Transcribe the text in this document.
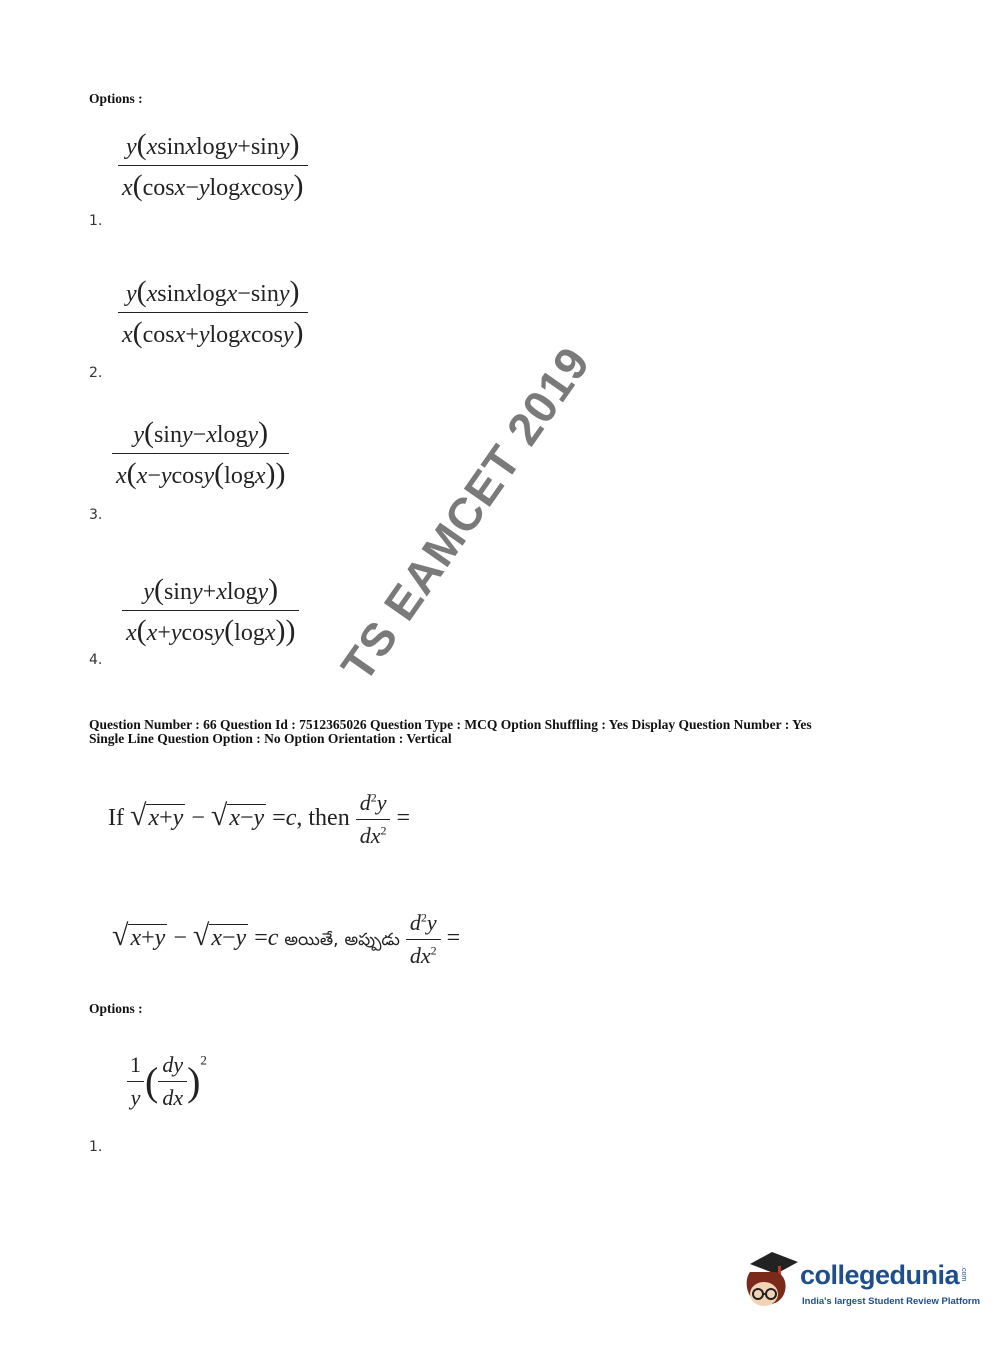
Options :
$\frac{\text{y(xsinxlogy+siny)}}{\text{x(cosx−ylogxcosy)}}$
1.
$\frac{\text{y(xsinxlogx−siny)}}{\text{x(cosx+ylogxcosy)}}$
2.
$\frac{y(\sin y-xlogy)}{x(x-ycosy(\log x))}$
3.
$\frac{y(\sin y+xlogy)}{x(x+ycosy(\log x))}$
4.
Question Number : 66 Question Id : 7512365026 Question Type : MCQ Option Shuffling : Yes Display Question Number : Yes
Single Line Question Option : No Option Orientation : Vertical
If √ x+y − √ x−y =c, then $\frac{d^2y}{dx^2}$ =
√ x+y − √ x−y =c అయితే, అప్పుడు $\frac{d^2y}{dx^2}$ =
Options :
$\frac{1}{y}$ ( $\frac{dy}{dx} )^2$
1.
TS EAMCET 2019
collegedunia .com
India's largest Student Review Platform
